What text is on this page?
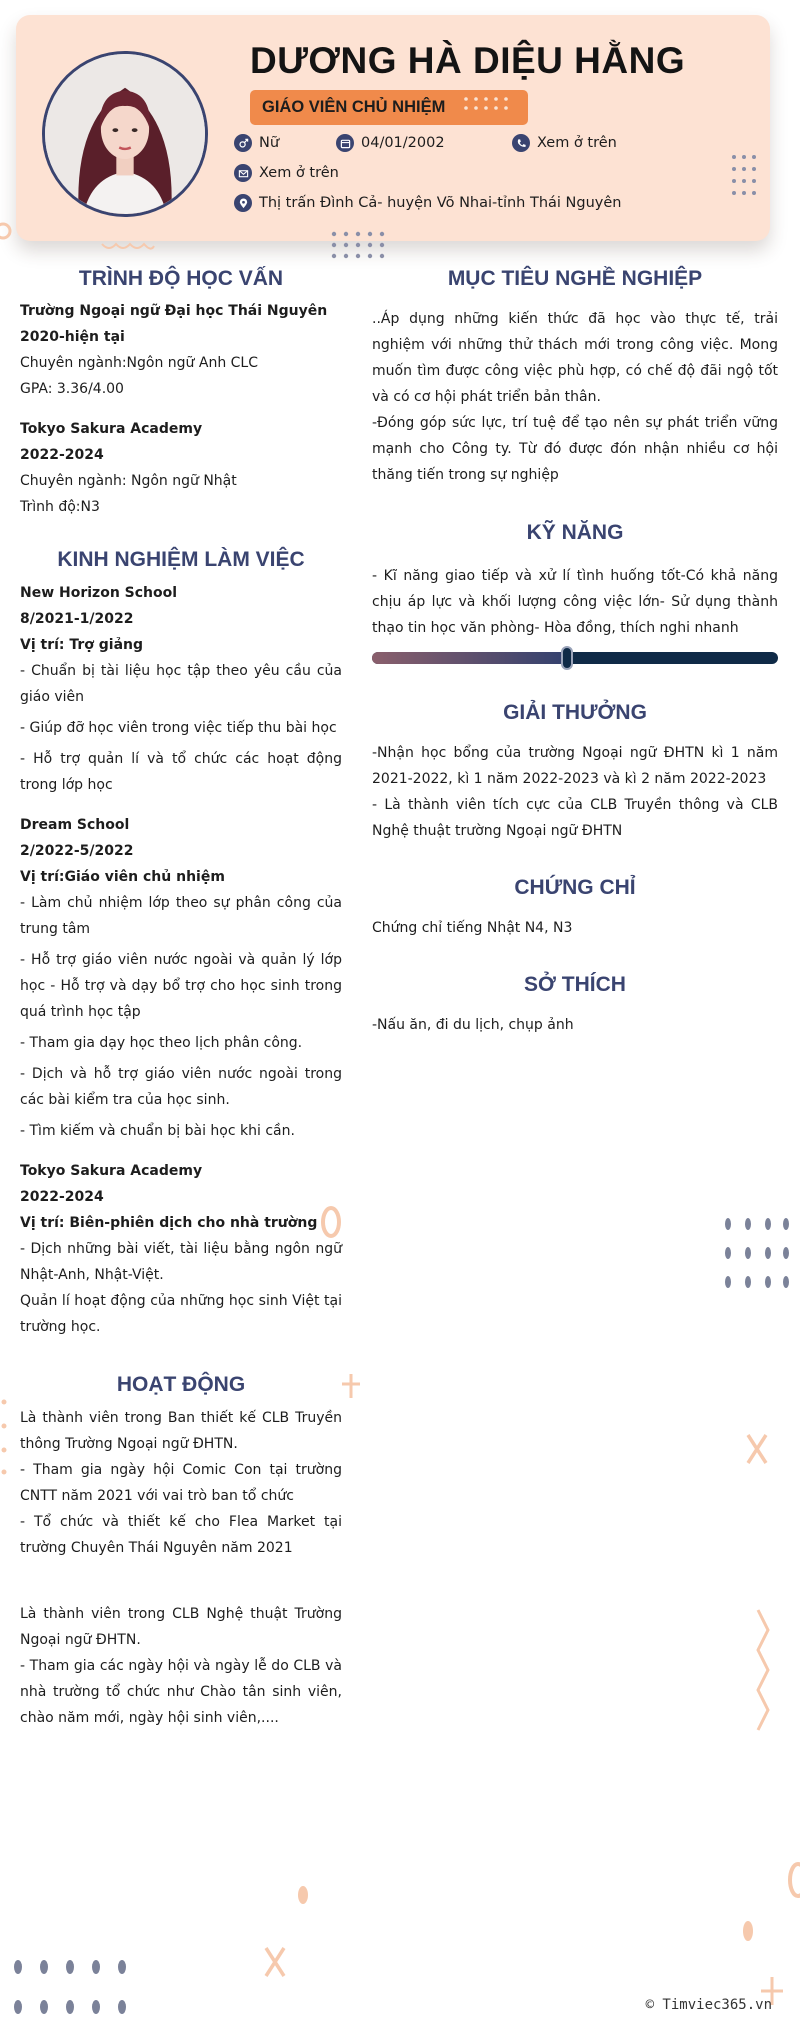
DƯƠNG HÀ DIỆU HẰNG
GIÁO VIÊN CHỦ NHIỆM
Nữ	04/01/2002	Xem ở trên
Xem ở trên
Thị trấn Đình Cả- huyện Võ Nhai-tỉnh Thái Nguyên
TRÌNH ĐỘ HỌC VẤN

Trường Ngoại ngữ Đại học Thái Nguyên

2020-hiện tại

Chuyên ngành:Ngôn ngữ Anh CLC

GPA: 3.36/4.00

Tokyo Sakura Academy

2022-2024

Chuyên ngành: Ngôn ngữ Nhật

Trình độ:N3

KINH NGHIỆM LÀM VIỆC

New Horizon School

8/2021-1/2022

Vị trí: Trợ giảng

- Chuẩn bị tài liệu học tập theo yêu cầu của giáo viên

- Giúp đỡ học viên trong việc tiếp thu bài học

- Hỗ trợ quản lí và tổ chức các hoạt động trong lớp học

Dream School

2/2022-5/2022

Vị trí:Giáo viên chủ nhiệm

- Làm chủ nhiệm lớp theo sự phân công của trung tâm

- Hỗ trợ giáo viên nước ngoài và quản lý lớp học - Hỗ trợ và dạy bổ trợ cho học sinh trong quá trình học tập

- Tham gia dạy học theo lịch phân công.

- Dịch và hỗ trợ giáo viên nước ngoài trong các bài kiểm tra của học sinh.

- Tìm kiếm và chuẩn bị bài học khi cần.

Tokyo Sakura Academy

2022-2024

Vị trí: Biên-phiên dịch cho nhà trường

- Dịch những bài viết, tài liệu bằng ngôn ngữ Nhật-Anh, Nhật-Việt.

Quản lí hoạt động của những học sinh Việt tại trường học.

HOẠT ĐỘNG

Là thành viên trong Ban thiết kế CLB Truyền thông Trường Ngoại ngữ ĐHTN.

- Tham gia ngày hội Comic Con tại trường CNTT năm 2021 với vai trò ban tổ chức

- Tổ chức và thiết kế cho Flea Market tại trường Chuyên Thái Nguyên năm 2021

Là thành viên trong CLB Nghệ thuật Trường Ngoại ngữ ĐHTN.

- Tham gia các ngày hội và ngày lễ do CLB và nhà trường tổ chức như Chào tân sinh viên, chào năm mới, ngày hội sinh viên,....

MỤC TIÊU NGHỀ NGHIỆP

..Áp dụng những kiến thức đã học vào thực tế, trải nghiệm với những thử thách mới trong công việc. Mong muốn tìm được công việc phù hợp, có chế độ đãi ngộ tốt và có cơ hội phát triển bản thân.

-Đóng góp sức lực, trí tuệ để tạo nên sự phát triển vững mạnh cho Công ty. Từ đó được đón nhận nhiều cơ hội thăng tiến trong sự nghiệp

KỸ NĂNG

- Kĩ năng giao tiếp và xử lí tình huống tốt-Có khả năng chịu áp lực và khối lượng công việc lớn- Sử dụng thành thạo tin học văn phòng- Hòa đồng, thích nghi nhanh

GIẢI THƯỞNG

-Nhận học bổng của trường Ngoại ngữ ĐHTN kì 1 năm 2021-2022, kì 1 năm 2022-2023 và kì 2 năm 2022-2023

- Là thành viên tích cực của CLB Truyền thông và CLB Nghệ thuật trường Ngoại ngữ ĐHTN

CHỨNG CHỈ

Chứng chỉ tiếng Nhật N4, N3

SỞ THÍCH

-Nấu ăn, đi du lịch, chụp ảnh

© Timviec365.vn
